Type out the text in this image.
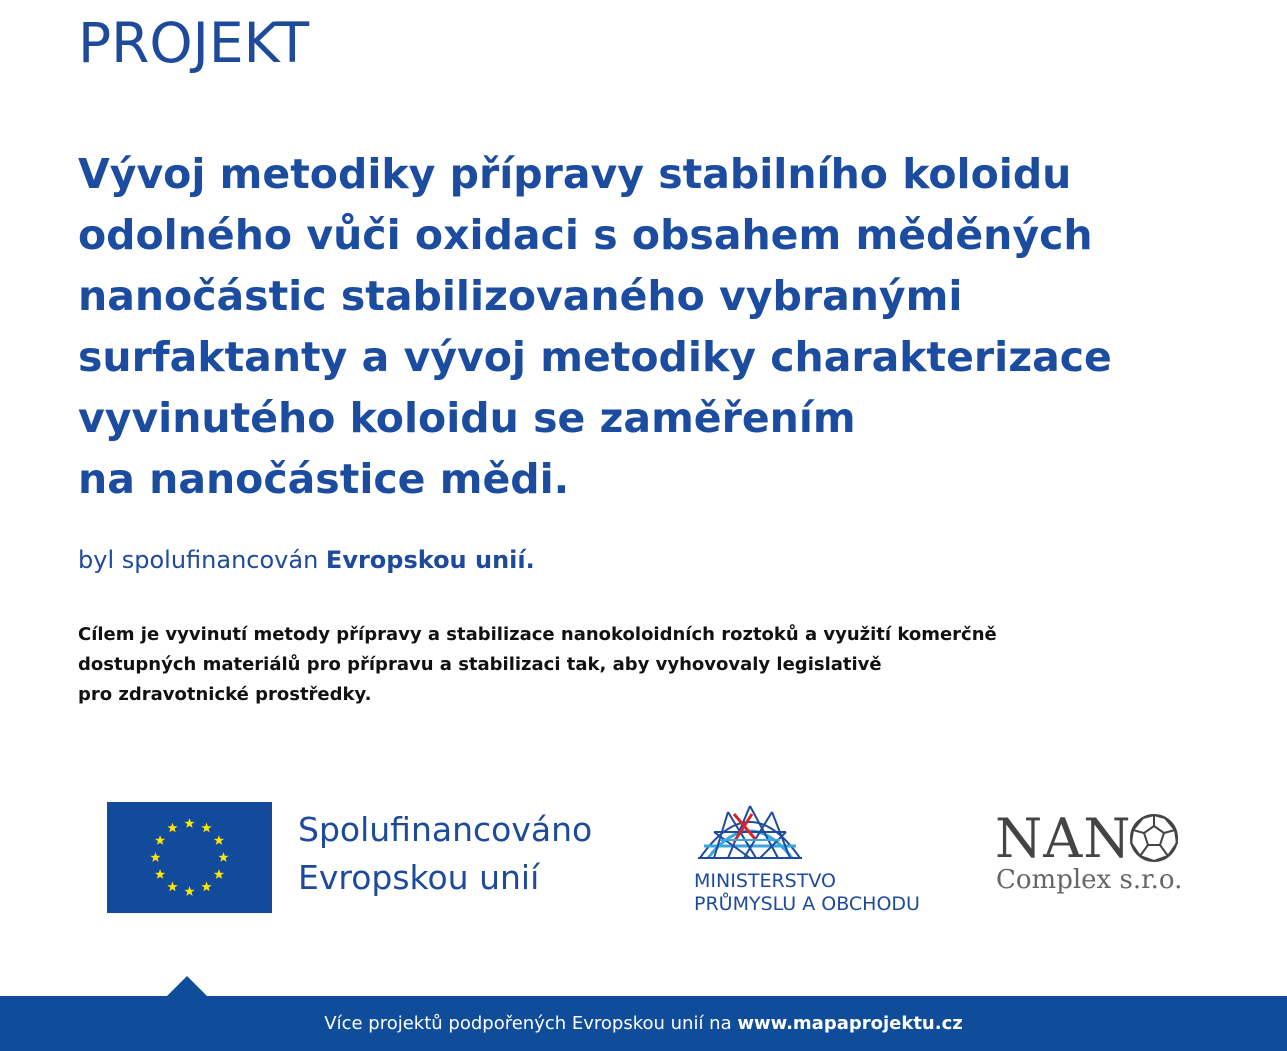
PROJEKT
Vývoj metodiky přípravy stabilního koloidu
odolného vůči oxidaci s obsahem měděných
nanočástic stabilizovaného vybranými
surfaktanty a vývoj metodiky charakterizace
vyvinutého koloidu se zaměřením
na nanočástice mědi.
byl spolufinancován Evropskou unií.
Cílem je vyvinutí metody přípravy a stabilizace nanokoloidních roztoků a využití komerčně
dostupných materiálů pro přípravu a stabilizaci tak, aby vyhovovaly legislativě
pro zdravotnické prostředky.
Spolufinancováno
Evropskou unií	MINISTERSTVO
PRŮMYSLU A OBCHODU
NAN
Complex s.r.o.
Více projektů podpořených Evropskou unií na www.mapaprojektu.cz
